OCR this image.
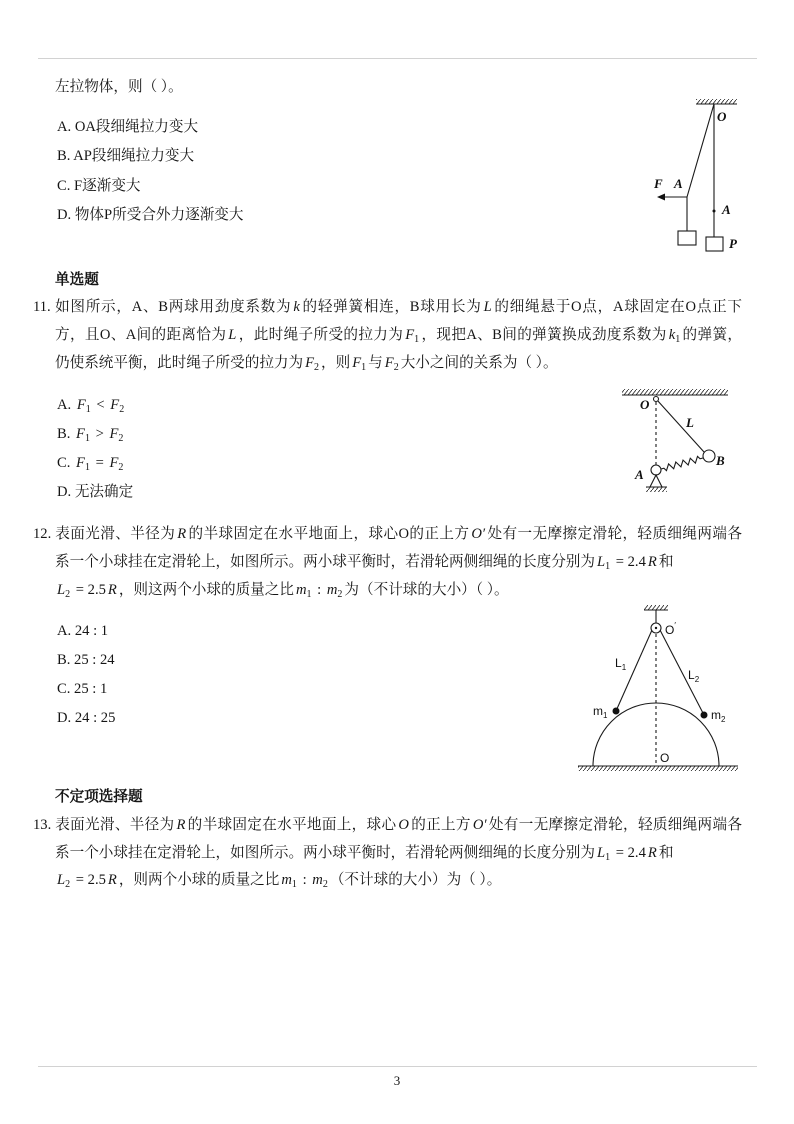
左拉物体，则（ ）。
A. OA段细绳拉力变大
B. AP段细绳拉力变大
C. F逐渐变大
D. 物体P所受合外力逐渐变大
单选题
11. 如图所示，A、B两球用劲度系数为 k 的轻弹簧相连，B球用长为 L 的细绳悬于O点，A球固定在O点正下
方，且O、A间的距离恰为 L ，此时绳子所受的拉力为 $F_1$ ，现把A、B间的弹簧换成劲度系数为 $k_1$ 的弹簧，
仍使系统平衡，此时绳子所受的拉力为 $F_2$ ，则 $F_1$ 与 $F_2$ 大小之间的关系为（ ）。
A. $F_1 < F_2$
B. $F_1 > F_2$
C. $F_1 = F_2$
D. 无法确定
12. 表面光滑、半径为 R 的半球固定在水平地面上，球心O的正上方 O′ 处有一无摩擦定滑轮，轻质细绳两端各
系一个小球挂在定滑轮上，如图所示。两小球平衡时，若滑轮两侧细绳的长度分别为 $L_1 = 2.4$ R 和
$L_2 = 2.5$ R ，则这两个小球的质量之比 $m_1$ : $m_2$ 为（不计球的大小）（ ）。
A. 24 : 1
B. 25 : 24
C. 25 : 1
D. 24 : 25
不定项选择题
13. 表面光滑、半径为 R 的半球固定在水平地面上，球心 O 的正上方 O′ 处有一无摩擦定滑轮，轻质细绳两端各
系一个小球挂在定滑轮上，如图所示。两小球平衡时，若滑轮两侧细绳的长度分别为 $L_1 = 2.4$ R 和
$L_2 = 2.5$ R ，则两个小球的质量之比 $m_1$ : $m_2$ （不计球的大小）为（ ）。
3
O
A
F A
P
O
L
B
A
O′
$L_1$
$L_2$
$m_1$	$m_2$
O
